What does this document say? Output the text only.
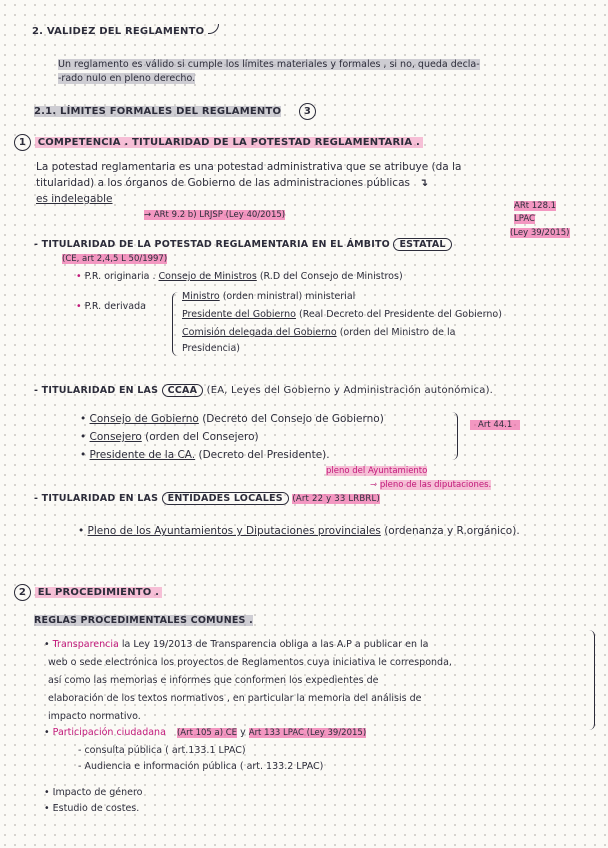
2. VALIDEZ DEL REGLAMENTO
Un reglamento es válido si cumple los límites materiales y formales , si no, queda decla-
-rado nulo en pleno derecho.
2.1. LÍMITES FORMALES DEL REGLAMENTO 3
1 COMPETENCIA . TITULARIDAD DE LA POTESTAD REGLAMENTARIA .
La potestad reglamentaria es una potestad administrativa que se atribuye (da la
titularidad) a los órganos de Gobierno de las administraciones públicas ↴
es indelegable
→ ARt 9.2 b) LRJSP (Ley 40/2015)
ARt 128.1
LPAC
(Ley 39/2015)
- TITULARIDAD DE LA POTESTAD REGLAMENTARIA EN EL ÁMBITO ESTATAL
(CE, art 2,4,5 L 50/1997)
• P.R. originaria . Consejo de Ministros (R.D del Consejo de Ministros)
• P.R. derivada
Ministro (orden ministral) ministerial
Presidente del Gobierno (Real Decreto del Presidente del Gobierno)
Comisión delegada del Gobierno (orden del Ministro de la
Presidencia)
- TITULARIDAD EN LAS CCAA (EA, Leyes del Gobierno y Administración autonómica).
• Consejo de Gobierno (Decreto del Consejo de Gobierno)
• Consejero (orden del Consejero)
• Presidente de la CA. (Decreto del Presidente).
Art 44.1
pleno del Ayuntamiento
⇾ pleno de las diputaciones.
- TITULARIDAD EN LAS ENTIDADES LOCALES (Art 22 y 33 LRBRL)
• Pleno de los Ayuntamientos y Diputaciones provinciales (ordenanza y R.orgánico).
2 EL PROCEDIMIENTO .
REGLAS PROCEDIMENTALES COMUNES .
• Transparencia la Ley 19/2013 de Transparencia obliga a las A.P a publicar en la
web o sede electrónica los proyectos de Reglamentos cuya iniciativa le corresponda,
así como las memorias e informes que conformen los expedientes de
elaboración de los textos normativos , en particular la memoria del análisis de
impacto normativo.
• Participación ciudadana (Art 105 a) CE y Art 133 LPAC (Ley 39/2015)
- consulta pública ( art.133.1 LPAC)
- Audiencia e información pública ( art. 133.2 LPAC)
• Impacto de género
• Estudio de costes.
